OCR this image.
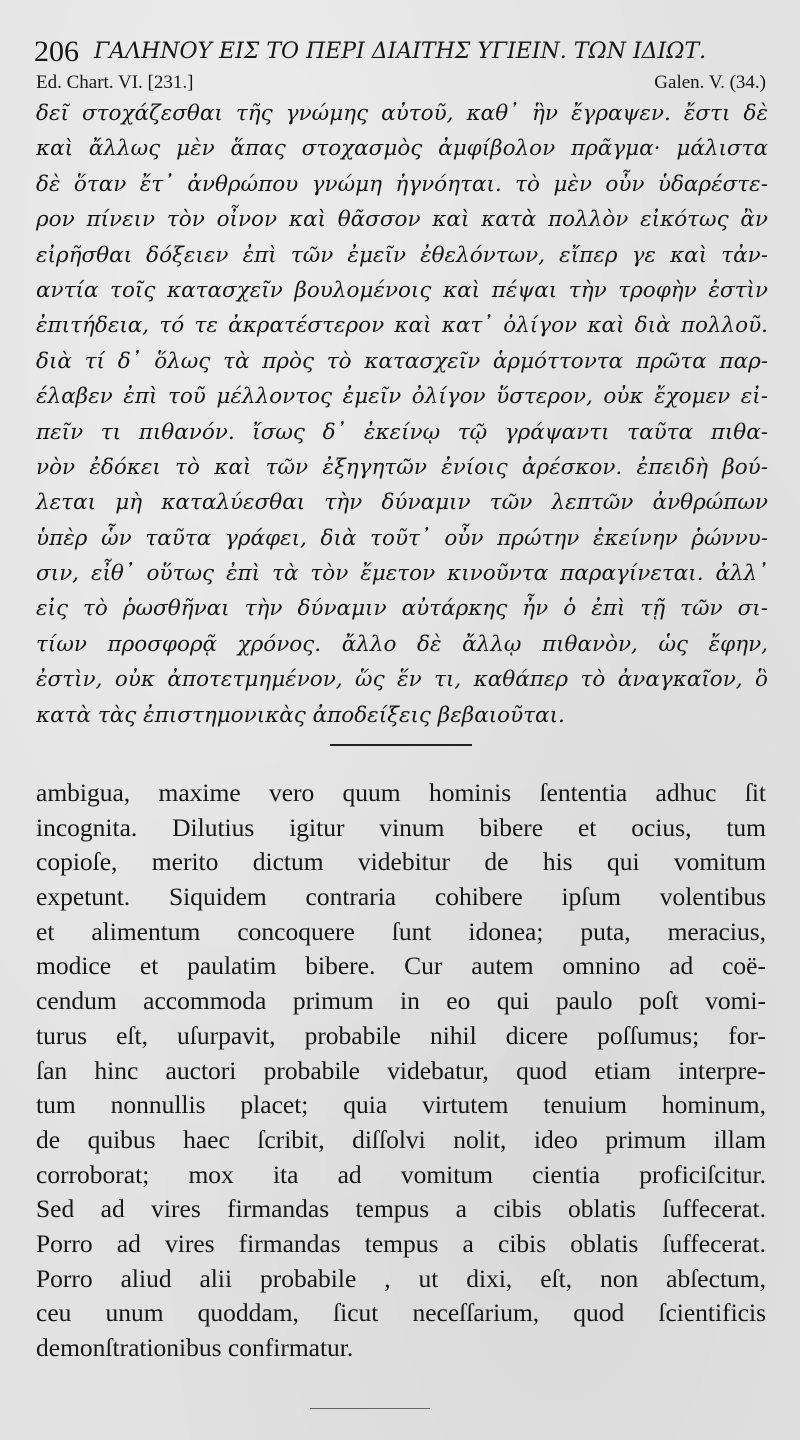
206 ΓΑΛΗΝΟΥ ΕΙΣ ΤΟ ΠΕΡΙ ΔΙΑΙΤΗΣ ΥΓΙΕΙΝ. ΤΩΝ ΙΔΙΩΤ.
Ed. Chart. VI. [231.]	Galen. V. (34.)
δεῖ στοχάζεσθαι τῆς γνώμης αὐτοῦ, καθ᾽ ἣν ἔγραψεν. ἔστι δὲ
καὶ ἄλλως μὲν ἅπας στοχασμὸς ἀμφίβολον πρᾶγμα· μάλιστα
δὲ ὅταν ἔτ᾽ ἀνθρώπου γνώμη ἠγνόηται. τὸ μὲν οὖν ὑδαρέστε-
ρον πίνειν τὸν οἶνον καὶ θᾶσσον καὶ κατὰ πολλὸν εἰκότως ἂν
εἰρῆσθαι δόξειεν ἐπὶ τῶν ἐμεῖν ἐθελόντων, εἴπερ γε καὶ τἀν-
αντία τοῖς κατασχεῖν βουλομένοις καὶ πέψαι τὴν τροφὴν ἐστὶν
ἐπιτήδεια, τό τε ἀκρατέστερον καὶ κατ᾽ ὀλίγον καὶ διὰ πολλοῦ.
διὰ τί δ᾽ ὅλως τὰ πρὸς τὸ κατασχεῖν ἁρμόττοντα πρῶτα παρ-
έλαβεν ἐπὶ τοῦ μέλλοντος ἐμεῖν ὀλίγον ὕστερον, οὐκ ἔχομεν εἰ-
πεῖν τι πιθανόν. ἴσως δ᾽ ἐκείνῳ τῷ γράψαντι ταῦτα πιθα-
νὸν ἐδόκει τὸ καὶ τῶν ἐξηγητῶν ἐνίοις ἀρέσκον. ἐπειδὴ βού-
λεται μὴ καταλύεσθαι τὴν δύναμιν τῶν λεπτῶν ἀνθρώπων
ὑπὲρ ὧν ταῦτα γράφει, διὰ τοῦτ᾽ οὖν πρώτην ἐκείνην ῥώννυ-
σιν, εἶθ᾽ οὕτως ἐπὶ τὰ τὸν ἔμετον κινοῦντα παραγίνεται. ἀλλ᾽
εἰς τὸ ῥωσθῆναι τὴν δύναμιν αὐτάρκης ἦν ὁ ἐπὶ τῇ τῶν σι-
τίων προσφορᾷ χρόνος. ἄλλο δὲ ἄλλῳ πιθανὸν, ὡς ἔφην,
ἐστὶν, οὐκ ἀποτετμημένον, ὥς ἕν τι, καθάπερ τὸ ἀναγκαῖον, ὃ
κατὰ τὰς ἐπιστημονικὰς ἀποδείξεις βεβαιοῦται.
ambigua, maxime vero quum hominis ſententia adhuc ſit
incognita. Dilutius igitur vinum bibere et ocius, tum
copioſe, merito dictum videbitur de his qui vomitum
expetunt. Siquidem contraria cohibere ipſum volentibus
et alimentum concoquere ſunt idonea; puta, meracius,
modice et paulatim bibere. Cur autem omnino ad coë-
cendum accommoda primum in eo qui paulo poſt vomi-
turus eſt, uſurpavit, probabile nihil dicere poſſumus; for-
ſan hinc auctori probabile videbatur, quod etiam interpre-
tum nonnullis placet; quia virtutem tenuium hominum,
de quibus haec ſcribit, diſſolvi nolit, ideo primum illam
corroborat; mox ita ad vomitum cientia proficiſcitur.
Sed ad vires firmandas tempus a cibis oblatis ſuffecerat.
Porro ad vires firmandas tempus a cibis oblatis ſuffecerat.
Porro aliud alii probabile , ut dixi, eſt, non abſectum,
ceu unum quoddam, ſicut neceſſarium, quod ſcientificis
demonſtrationibus confirmatur.
